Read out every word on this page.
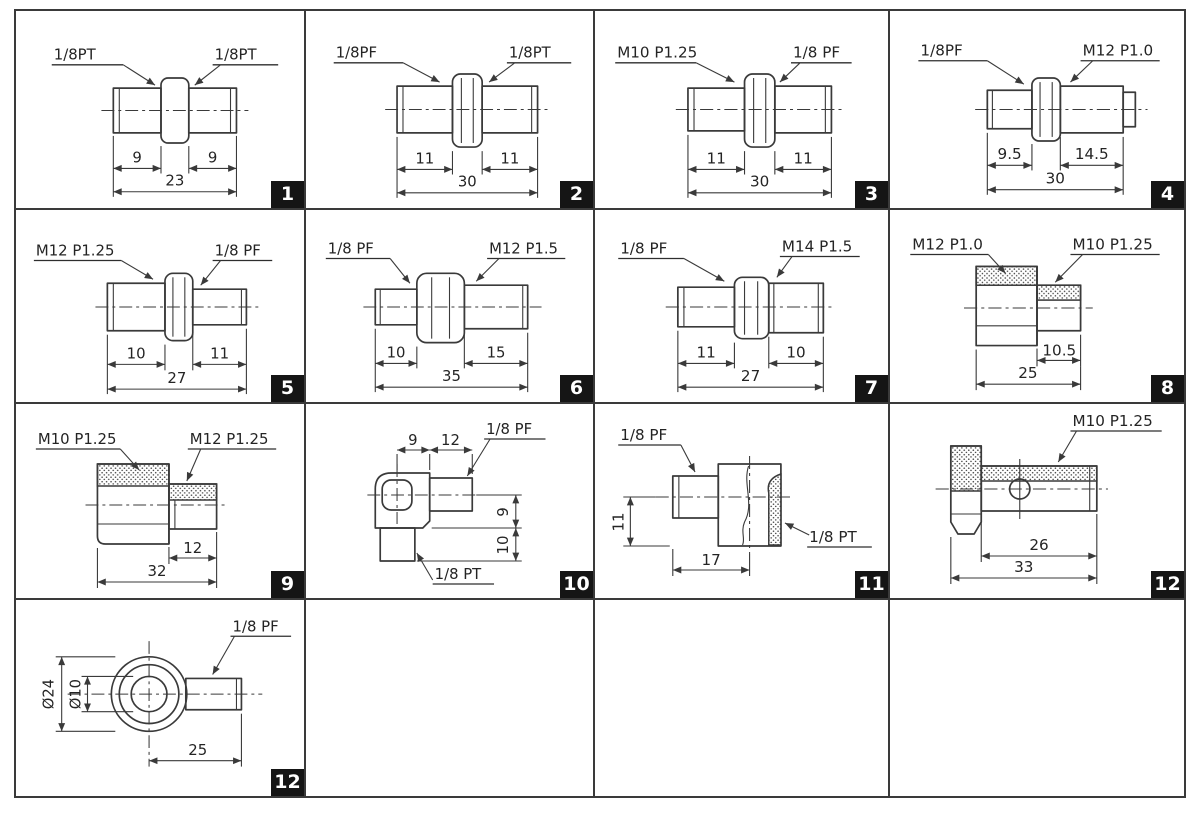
1/8PT	1/8PT
9	9
23
1
1/8PF	1/8PT
11	11
30
2
M10 P1.25	1/8 PF
11	11
30
3
1/8PF	M12 P1.0
9.5	14.5
30
4
M12 P1.25	1/8 PF
10	11
27	5
1/8 PF	M12 P1.5
10	15
35
6
1/8 PF	M14 P1.5
11	10
27
7
M12 P1.0	M10 P1.25
10.5
25
8
M10 P1.25	M12 P1.25
12
32
9
9 12
1/8 PF
9
10
1/8 PT	10
1/8 PF
1/8 PT
11
17
11
M10 P1.25
26
33
12
1/8 PF
Ø24 Ø10
25
12
